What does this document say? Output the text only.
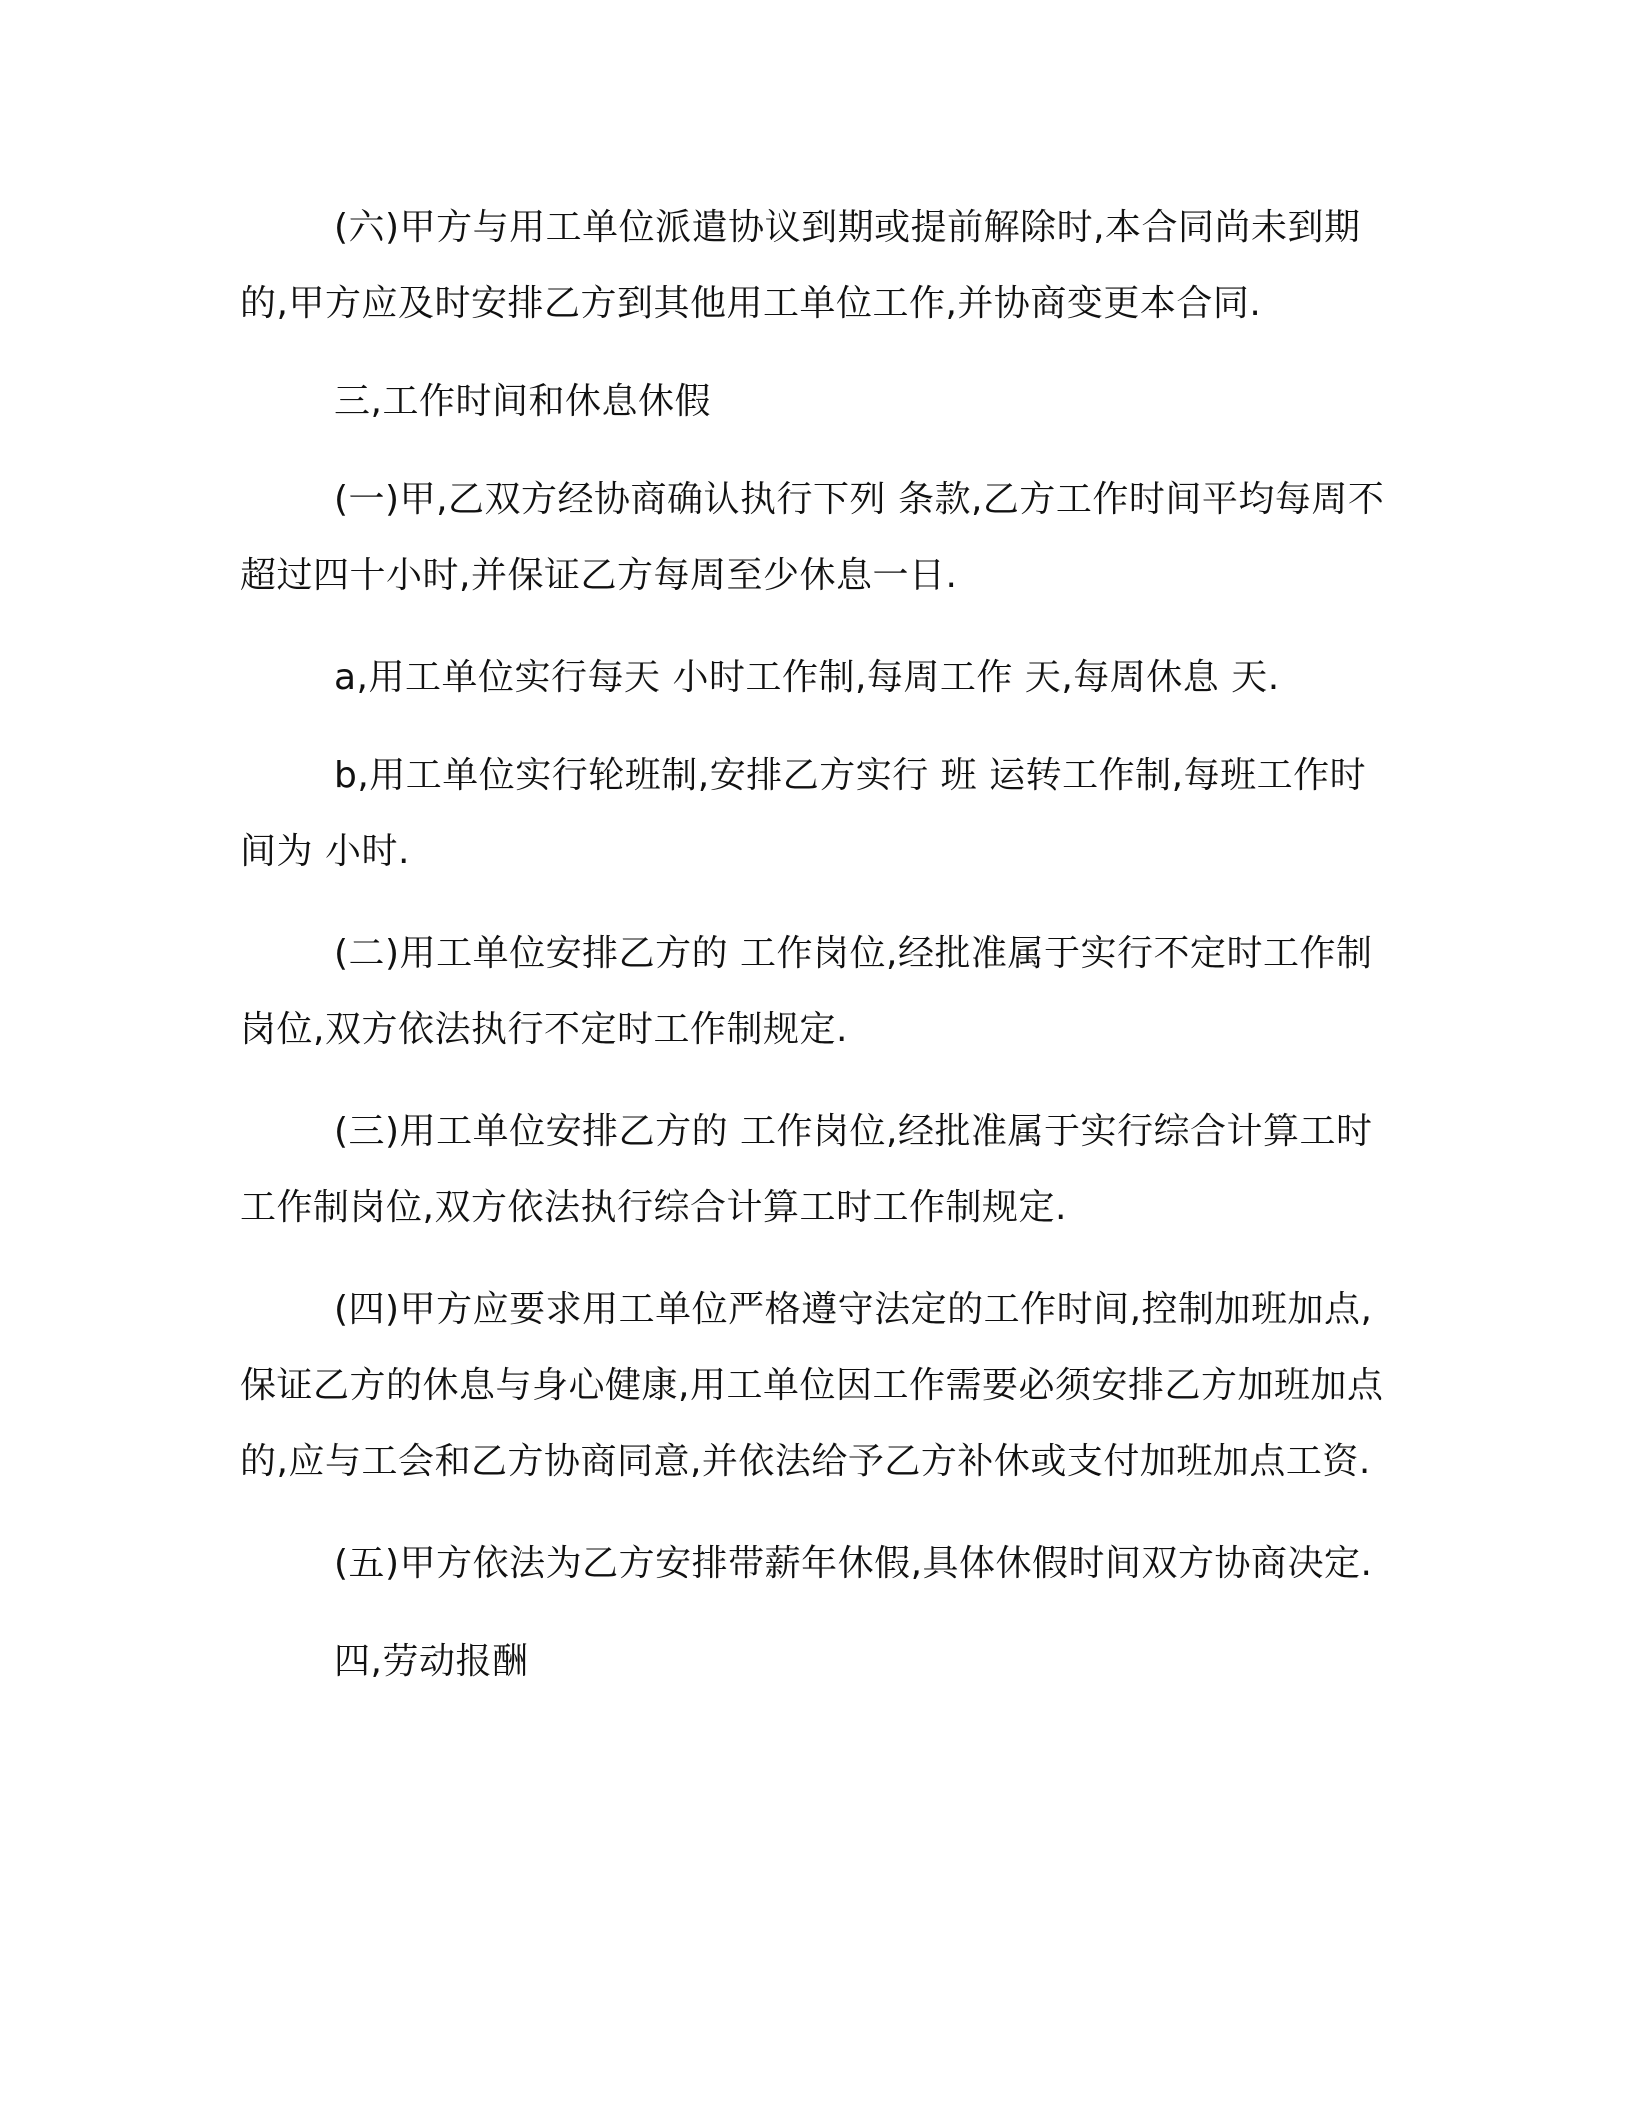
(六)甲方与用工单位派遣协议到期或提前解除时,本合同尚未到期的,甲方应及时安排乙方到其他用工单位工作,并协商变更本合同.

三,工作时间和休息休假

(一)甲,乙双方经协商确认执行下列 条款,乙方工作时间平均每周不超过四十小时,并保证乙方每周至少休息一日.

a,用工单位实行每天 小时工作制,每周工作 天,每周休息 天.

b,用工单位实行轮班制,安排乙方实行 班 运转工作制,每班工作时间为 小时.

(二)用工单位安排乙方的 工作岗位,经批准属于实行不定时工作制岗位,双方依法执行不定时工作制规定.

(三)用工单位安排乙方的 工作岗位,经批准属于实行综合计算工时工作制岗位,双方依法执行综合计算工时工作制规定.

(四)甲方应要求用工单位严格遵守法定的工作时间,控制加班加点,保证乙方的休息与身心健康,用工单位因工作需要必须安排乙方加班加点的,应与工会和乙方协商同意,并依法给予乙方补休或支付加班加点工资.

(五)甲方依法为乙方安排带薪年休假,具体休假时间双方协商决定.

四,劳动报酬
